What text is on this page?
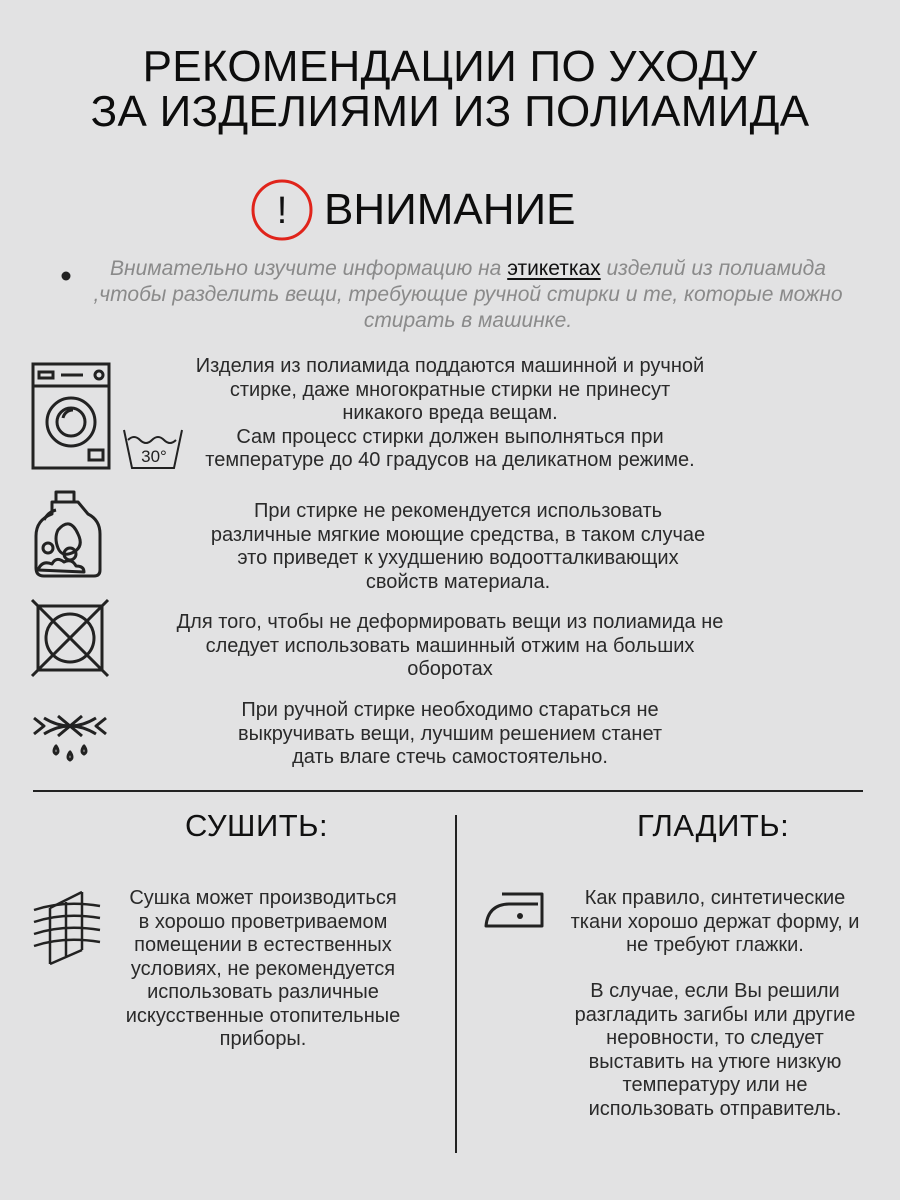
РЕКОМЕНДАЦИИ ПО УХОДУ
ЗА ИЗДЕЛИЯМИ ИЗ ПОЛИАМИДА
! ВНИМАНИЕ
Внимательно изучите информацию на этикетках изделий из полиамида ,чтобы разделить вещи, требующие ручной стирки и те, которые можно стирать в машинке.
30°
Изделия из полиамида поддаются машинной и ручной
стирке, даже многократные стирки не принесут
никакого вреда вещам.
Сам процесс стирки должен выполняться при
температуре до 40 градусов на деликатном режиме.
При стирке не рекомендуется использовать
различные мягкие моющие средства, в таком случае
это приведет к ухудшению водоотталкивающих
свойств материала.
Для того, чтобы не деформировать вещи из полиамида не
следует использовать машинный отжим на больших
оборотах
При ручной стирке необходимо стараться не
выкручивать вещи, лучшим решением станет
дать влаге стечь самостоятельно.
СУШИТЬ:
Сушка может производиться
в хорошо проветриваемом
помещении в естественных
условиях, не рекомендуется
использовать различные
искусственные отопительные
приборы.
ГЛАДИТЬ:
Как правило, синтетические
ткани хорошо держат форму, и
не требуют глажки.
В случае, если Вы решили
разгладить загибы или другие
неровности, то следует
выставить на утюге низкую
температуру или не
использовать отправитель.
